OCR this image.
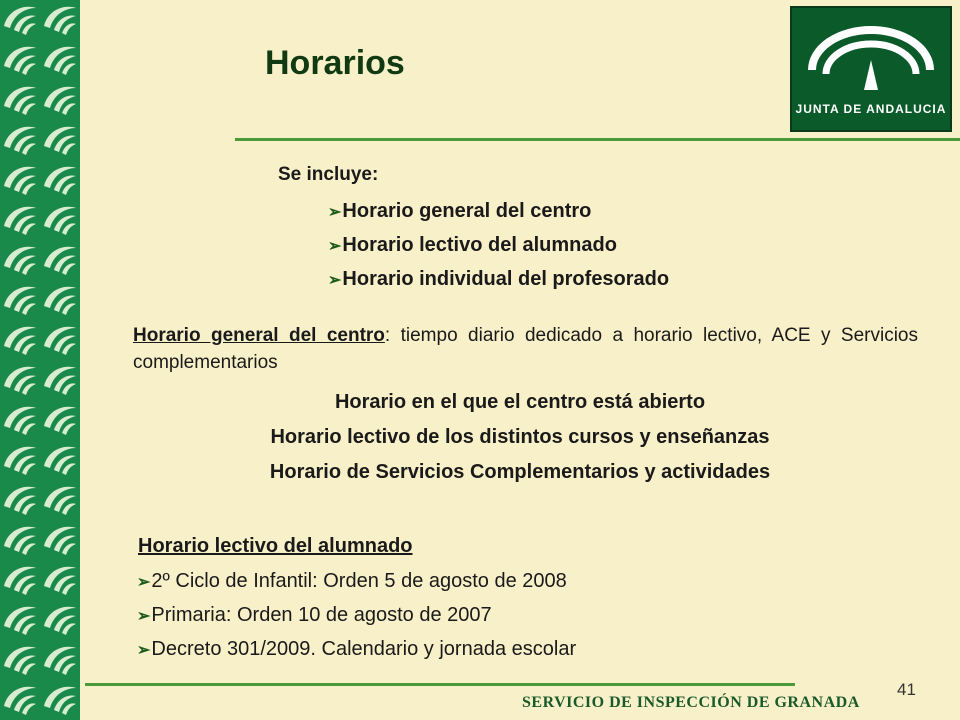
Horarios
JUNTA DE ANDALUCIA
Se incluye:
➢Horario general del centro
➢Horario lectivo del alumnado
➢Horario individual del profesorado
Horario general del centro: tiempo diario dedicado a horario lectivo, ACE y Servicios complementarios
Horario en el que el centro está abierto
Horario lectivo de los distintos cursos y enseñanzas
Horario de Servicios Complementarios y actividades
Horario lectivo del alumnado
➢2º Ciclo de Infantil: Orden 5 de agosto de 2008
➢Primaria: Orden 10 de agosto de 2007
➢Decreto 301/2009. Calendario y jornada escolar
41
SERVICIO DE INSPECCIÓN DE GRANADA
